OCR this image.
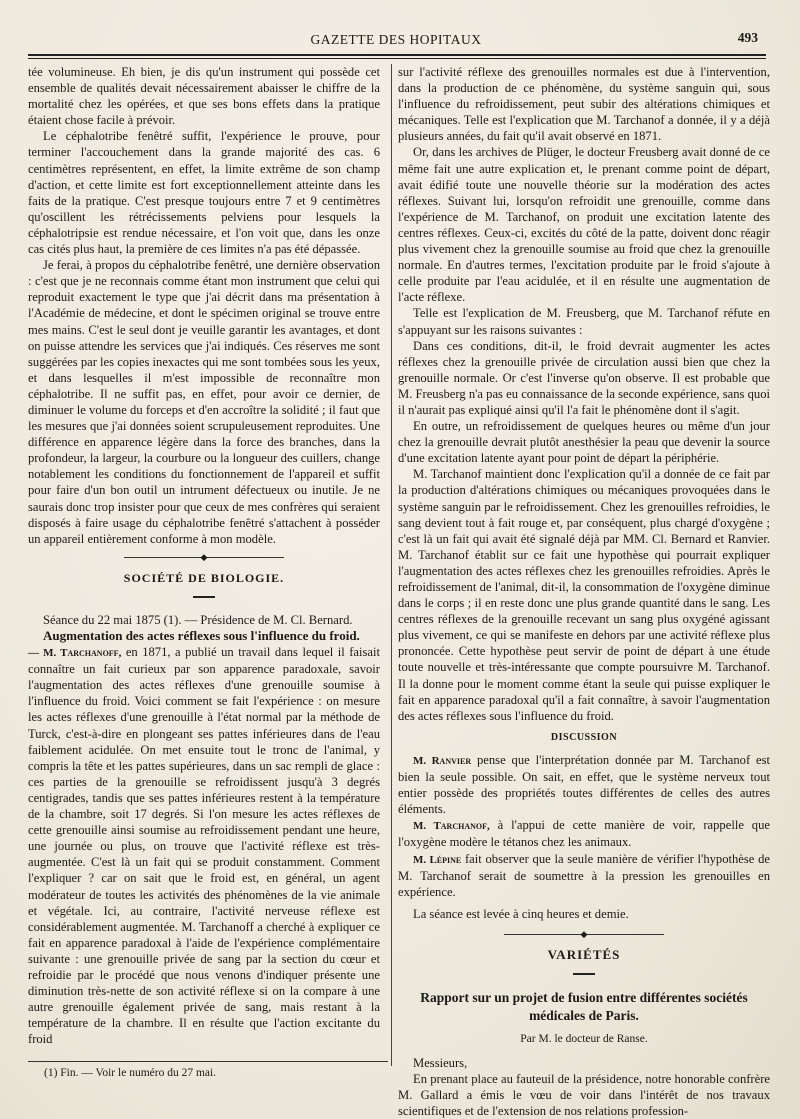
GAZETTE DES HOPITAUX	493

tée volumineuse. Eh bien, je dis qu'un instrument qui possède cet ensemble de qualités devait nécessairement abaisser le chiffre de la mortalité chez les opérées, et que ses bons effets dans la pratique étaient chose facile à prévoir.

Le céphalotribe fenêtré suffit, l'expérience le prouve, pour terminer l'accouchement dans la grande majorité des cas. 6 centimètres représentent, en effet, la limite extrême de son champ d'action, et cette limite est fort exceptionnellement atteinte dans les faits de la pratique. C'est presque toujours entre 7 et 9 centimètres qu'oscillent les rétrécissements pelviens pour lesquels la céphalotripsie est rendue nécessaire, et l'on voit que, dans les onze cas cités plus haut, la première de ces limites n'a pas été dépassée.

Je ferai, à propos du céphalotribe fenêtré, une dernière observation : c'est que je ne reconnais comme étant mon instrument que celui qui reproduit exactement le type que j'ai décrit dans ma présentation à l'Académie de médecine, et dont le spécimen original se trouve entre mes mains. C'est le seul dont je veuille garantir les avantages, et dont on puisse attendre les services que j'ai indiqués. Ces réserves me sont suggérées par les copies inexactes qui me sont tombées sous les yeux, et dans lesquelles il m'est impossible de reconnaître mon céphalotribe. Il ne suffit pas, en effet, pour avoir ce dernier, de diminuer le volume du forceps et d'en accroître la solidité ; il faut que les mesures que j'ai données soient scrupuleusement reproduites. Une différence en apparence légère dans la force des branches, dans la profondeur, la largeur, la courbure ou la longueur des cuillers, change notablement les conditions du fonctionnement de l'appareil et suffit pour faire d'un bon outil un intrument défectueux ou inutile. Je ne saurais donc trop insister pour que ceux de mes confrères qui seraient disposés à faire usage du céphalotribe fenêtré s'attachent à posséder un appareil entièrement conforme à mon modèle.

◆
SOCIÉTÉ DE BIOLOGIE.

Séance du 22 mai 1875 (1). — Présidence de M. Cl. Bernard.

Augmentation des actes réflexes sous l'influence du froid.

— M. Tarchanoff, en 1871, a publié un travail dans lequel il faisait connaître un fait curieux par son apparence paradoxale, savoir l'augmentation des actes réflexes d'une grenouille soumise à l'influence du froid. Voici comment se fait l'expérience : on mesure les actes réflexes d'une grenouille à l'état normal par la méthode de Turck, c'est-à-dire en plongeant ses pattes inférieures dans de l'eau faiblement acidulée. On met ensuite tout le tronc de l'animal, y compris la tête et les pattes supérieures, dans un sac rempli de glace : ces parties de la grenouille se refroidissent jusqu'à 3 degrés centigrades, tandis que ses pattes inférieures restent à la température de la chambre, soit 17 degrés. Si l'on mesure les actes réflexes de cette grenouille ainsi soumise au refroidissement pendant une heure, une journée ou plus, on trouve que l'activité réflexe est très-augmentée. C'est là un fait qui se produit constamment. Comment l'expliquer ? car on sait que le froid est, en général, un agent modérateur de toutes les activités des phénomènes de la vie animale et végétale. Ici, au contraire, l'activité nerveuse réflexe est considérablement augmentée. M. Tarchanoff a cherché à expliquer ce fait en apparence paradoxal à l'aide de l'expérience complémentaire suivante : une grenouille privée de sang par la section du cœur et refroidie par le procédé que nous venons d'indiquer présente une diminution très-nette de son activité réflexe si on la compare à une autre grenouille également privée de sang, mais restant à la température de la chambre. Il en résulte que l'action excitante du froid

(1) Fin. — Voir le numéro du 27 mai.

sur l'activité réflexe des grenouilles normales est due à l'intervention, dans la production de ce phénomène, du système sanguin qui, sous l'influence du refroidissement, peut subir des altérations chimiques et mécaniques. Telle est l'explication que M. Tarchanof a donnée, il y a déjà plusieurs années, du fait qu'il avait observé en 1871.

Or, dans les archives de Plüger, le docteur Freusberg avait donné de ce même fait une autre explication et, le prenant comme point de départ, avait édifié toute une nouvelle théorie sur la modération des actes réflexes. Suivant lui, lorsqu'on refroidit une grenouille, comme dans l'expérience de M. Tarchanof, on produit une excitation latente des centres réflexes. Ceux-ci, excités du côté de la patte, doivent donc réagir plus vivement chez la grenouille soumise au froid que chez la grenouille normale. En d'autres termes, l'excitation produite par le froid s'ajoute à celle produite par l'eau acidulée, et il en résulte une augmentation de l'acte réflexe.

Telle est l'explication de M. Freusberg, que M. Tarchanof réfute en s'appuyant sur les raisons suivantes :

Dans ces conditions, dit-il, le froid devrait augmenter les actes réflexes chez la grenouille privée de circulation aussi bien que chez la grenouille normale. Or c'est l'inverse qu'on observe. Il est probable que M. Freusberg n'a pas eu connaissance de la seconde expérience, sans quoi il n'aurait pas expliqué ainsi qu'il l'a fait le phénomène dont il s'agit.

En outre, un refroidissement de quelques heures ou même d'un jour chez la grenouille devrait plutôt anesthésier la peau que devenir la source d'une excitation latente ayant pour point de départ la périphérie.

M. Tarchanof maintient donc l'explication qu'il a donnée de ce fait par la production d'altérations chimiques ou mécaniques provoquées dans le système sanguin par le refroidissement. Chez les grenouilles refroidies, le sang devient tout à fait rouge et, par conséquent, plus chargé d'oxygène ; c'est là un fait qui avait été signalé déjà par MM. Cl. Bernard et Ranvier. M. Tarchanof établit sur ce fait une hypothèse qui pourrait expliquer l'augmentation des actes réflexes chez les grenouilles refroidies. Après le refroidissement de l'animal, dit-il, la consommation de l'oxygène diminue dans le corps ; il en reste donc une plus grande quantité dans le sang. Les centres réflexes de la grenouille recevant un sang plus oxygéné agissant plus vivement, ce qui se manifeste en dehors par une activité réflexe plus prononcée. Cette hypothèse peut servir de point de départ à une étude toute nouvelle et très-intéressante que compte poursuivre M. Tarchanof. Il la donne pour le moment comme étant la seule qui puisse expliquer le fait en apparence paradoxal qu'il a fait connaître, à savoir l'augmentation des actes réflexes sous l'influence du froid.

DISCUSSION

M. Ranvier pense que l'interprétation donnée par M. Tarchanof est bien la seule possible. On sait, en effet, que le système nerveux tout entier possède des propriétés toutes différentes de celles des autres éléments.

M. Tarchanof, à l'appui de cette manière de voir, rappelle que l'oxygène modère le tétanos chez les animaux.

M. Lépine fait observer que la seule manière de vérifier l'hypothèse de M. Tarchanof serait de soumettre à la pression les grenouilles en expérience.

La séance est levée à cinq heures et demie.

◆
VARIÉTÉS
Rapport sur un projet de fusion entre différentes sociétés médicales de Paris.
Par M. le docteur de Ranse.

Messieurs,

En prenant place au fauteuil de la présidence, notre honorable confrère M. Gallard a émis le vœu de voir dans l'intérêt de nos travaux scientifiques et de l'extension de nos relations profession-
